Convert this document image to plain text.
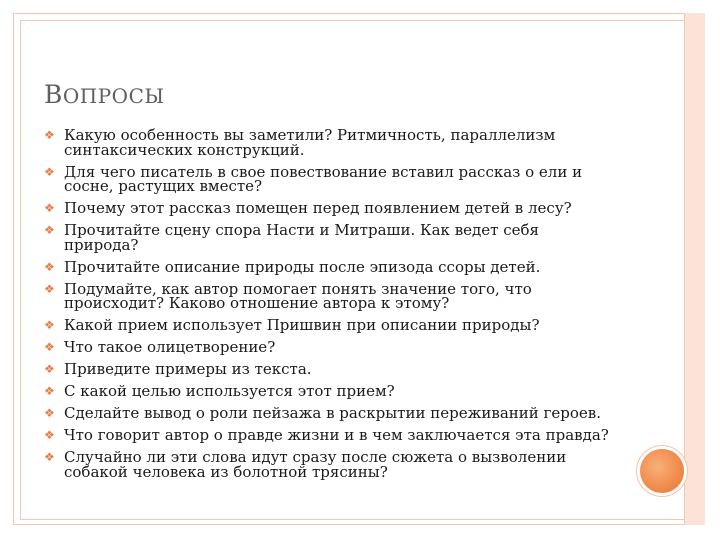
ВОПРОСЫ
❖ Какую особенность вы заметили? Ритмичность, параллелизм
синтаксических конструкций.
❖ Для чего писатель в свое повествование вставил рассказ о ели и
сосне, растущих вместе?
❖ Почему этот рассказ помещен перед появлением детей в лесу?
❖ Прочитайте сцену спора Насти и Митраши. Как ведет себя
природа?
❖ Прочитайте описание природы после эпизода ссоры детей.
❖ Подумайте, как автор помогает понять значение того, что
происходит? Каково отношение автора к этому?
❖ Какой прием использует Пришвин при описании природы?
❖ Что такое олицетворение?
❖ Приведите примеры из текста.
❖ С какой целью используется этот прием?
❖ Сделайте вывод о роли пейзажа в раскрытии переживаний героев.
❖ Что говорит автор о правде жизни и в чем заключается эта правда?
❖ Случайно ли эти слова идут сразу после сюжета о вызволении
собакой человека из болотной трясины?
